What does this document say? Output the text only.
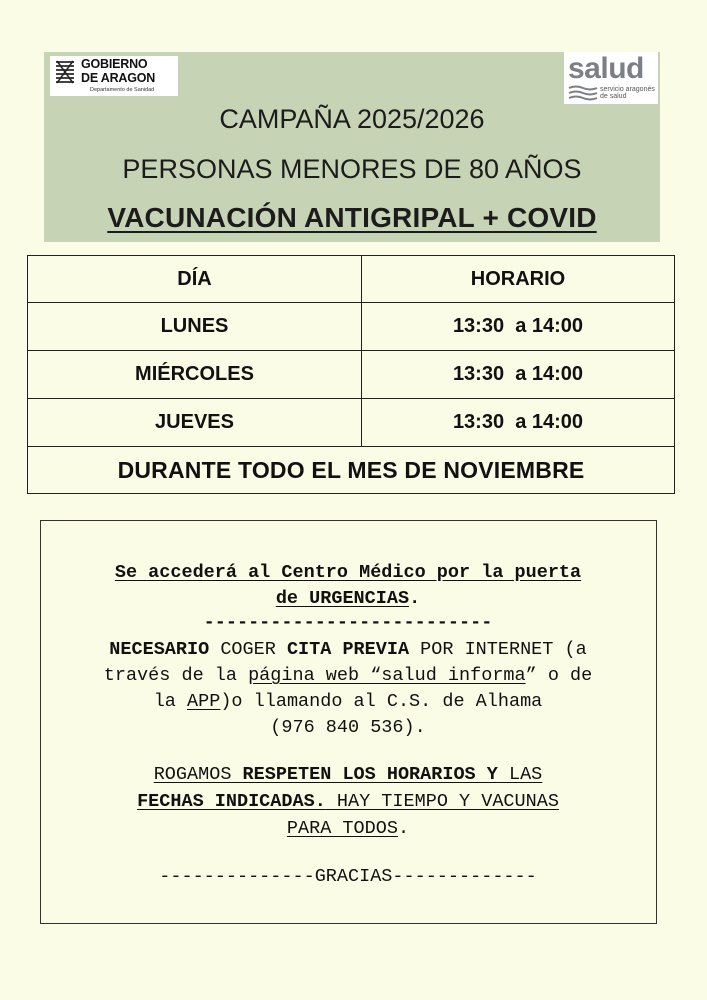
GOBIERNO
DE ARAGON
Departamento de Sanidad
salud
servicio aragonés de salud
CAMPAÑA 2025/2026
PERSONAS MENORES DE 80 AÑOS
VACUNACIÓN ANTIGRIPAL + COVID
DÍA	HORARIO
LUNES	13:30  a 14:00
MIÉRCOLES	13:30  a 14:00
JUEVES	13:30  a 14:00
DURANTE TODO EL MES DE NOVIEMBRE	
Se accederá al Centro Médico por la puerta
de URGENCIAS.
--------------------------
NECESARIO COGER CITA PREVIA POR INTERNET (a
través de la página web “salud informa” o de
la APP)o llamando al C.S. de Alhama
(976 840 536).
ROGAMOS RESPETEN LOS HORARIOS Y LAS
FECHAS INDICADAS. HAY TIEMPO Y VACUNAS
PARA TODOS.
--------------GRACIAS-------------
